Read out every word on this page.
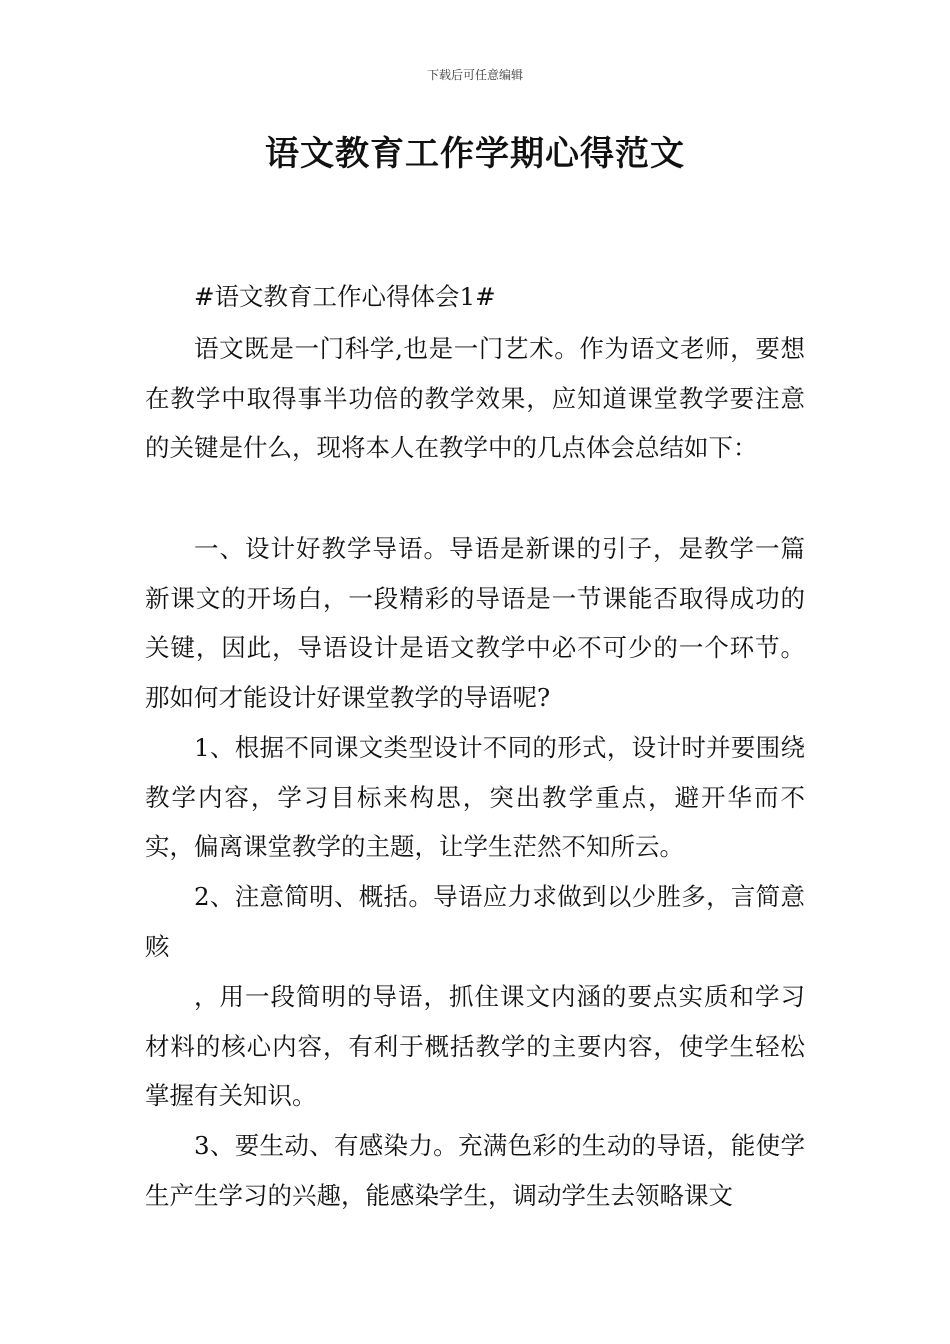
下载后可任意编辑
语文教育工作学期心得范文

#语文教育工作心得体会1#

语文既是一门科学,也是一门艺术。作为语文老师，要想在教学中取得事半功倍的教学效果，应知道课堂教学要注意的关键是什么，现将本人在教学中的几点体会总结如下：

一、设计好教学导语。导语是新课的引子，是教学一篇新课文的开场白，一段精彩的导语是一节课能否取得成功的关键，因此，导语设计是语文教学中必不可少的一个环节。那如何才能设计好课堂教学的导语呢?

1、根据不同课文类型设计不同的形式，设计时并要围绕教学内容，学习目标来构思，突出教学重点，避开华而不实，偏离课堂教学的主题，让学生茫然不知所云。

2、注意简明、概括。导语应力求做到以少胜多，言简意赅

，用一段简明的导语，抓住课文内涵的要点实质和学习材料的核心内容，有利于概括教学的主要内容，使学生轻松掌握有关知识。

3、要生动、有感染力。充满色彩的生动的导语，能使学生产生学习的兴趣，能感染学生，调动学生去领略课文
